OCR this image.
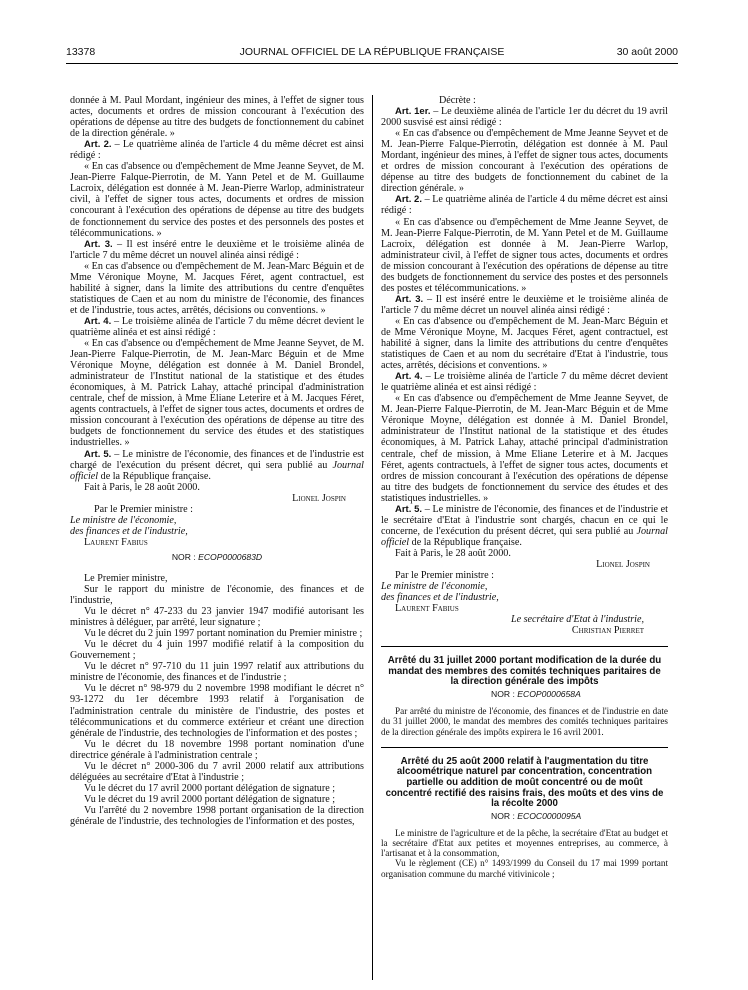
13378	JOURNAL OFFICIEL DE LA RÉPUBLIQUE FRANÇAISE	30 août 2000

donnée à M. Paul Mordant, ingénieur des mines, à l'effet de signer tous actes, documents et ordres de mission concourant à l'exécution des opérations de dépense au titre des budgets de fonctionnement du cabinet de la direction générale. »

Art. 2. – Le quatrième alinéa de l'article 4 du même décret est ainsi rédigé :

« En cas d'absence ou d'empêchement de Mme Jeanne Seyvet, de M. Jean-Pierre Falque-Pierrotin, de M. Yann Petel et de M. Guillaume Lacroix, délégation est donnée à M. Jean-Pierre Warlop, administrateur civil, à l'effet de signer tous actes, documents et ordres de mission concourant à l'exécution des opérations de dépense au titre des budgets de fonctionnement du service des postes et des personnels des postes et télécommunications. »

Art. 3. – Il est inséré entre le deuxième et le troisième alinéa de l'article 7 du même décret un nouvel alinéa ainsi rédigé :

« En cas d'absence ou d'empêchement de M. Jean-Marc Béguin et de Mme Véronique Moyne, M. Jacques Féret, agent contractuel, est habilité à signer, dans la limite des attributions du centre d'enquêtes statistiques de Caen et au nom du ministre de l'économie, des finances et de l'industrie, tous actes, arrêtés, décisions ou conventions. »

Art. 4. – Le troisième alinéa de l'article 7 du même décret devient le quatrième alinéa et est ainsi rédigé :

« En cas d'absence ou d'empêchement de Mme Jeanne Seyvet, de M. Jean-Pierre Falque-Pierrotin, de M. Jean-Marc Béguin et de Mme Véronique Moyne, délégation est donnée à M. Daniel Brondel, administrateur de l'Institut national de la statistique et des études économiques, à M. Patrick Lahay, attaché principal d'administration centrale, chef de mission, à Mme Eliane Leterire et à M. Jacques Féret, agents contractuels, à l'effet de signer tous actes, documents et ordres de mission concourant à l'exécution des opérations de dépense au titre des budgets de fonctionnement du service des études et des statistiques industrielles. »

Art. 5. – Le ministre de l'économie, des finances et de l'industrie est chargé de l'exécution du présent décret, qui sera publié au Journal officiel de la République française.

Fait à Paris, le 28 août 2000.

Lionel Jospin

Par le Premier ministre :

Le ministre de l'économie,

des finances et de l'industrie,

Laurent Fabius

NOR : ECOP0000683D

Le Premier ministre,

Sur le rapport du ministre de l'économie, des finances et de l'industrie,

Vu le décret n° 47-233 du 23 janvier 1947 modifié autorisant les ministres à déléguer, par arrêté, leur signature ;

Vu le décret du 2 juin 1997 portant nomination du Premier ministre ;

Vu le décret du 4 juin 1997 modifié relatif à la composition du Gouvernement ;

Vu le décret n° 97-710 du 11 juin 1997 relatif aux attributions du ministre de l'économie, des finances et de l'industrie ;

Vu le décret n° 98-979 du 2 novembre 1998 modifiant le décret n° 93-1272 du 1er décembre 1993 relatif à l'organisation de l'administration centrale du ministère de l'industrie, des postes et télécommunications et du commerce extérieur et créant une direction générale de l'industrie, des technologies de l'information et des postes ;

Vu le décret du 18 novembre 1998 portant nomination d'une directrice générale à l'administration centrale ;

Vu le décret n° 2000-306 du 7 avril 2000 relatif aux attributions déléguées au secrétaire d'Etat à l'industrie ;

Vu le décret du 17 avril 2000 portant délégation de signature ;

Vu le décret du 19 avril 2000 portant délégation de signature ;

Vu l'arrêté du 2 novembre 1998 portant organisation de la direction générale de l'industrie, des technologies de l'information et des postes,

Décrète :

Art. 1er. – Le deuxième alinéa de l'article 1er du décret du 19 avril 2000 susvisé est ainsi rédigé :

« En cas d'absence ou d'empêchement de Mme Jeanne Seyvet et de M. Jean-Pierre Falque-Pierrotin, délégation est donnée à M. Paul Mordant, ingénieur des mines, à l'effet de signer tous actes, documents et ordres de mission concourant à l'exécution des opérations de dépense au titre des budgets de fonctionnement du cabinet de la direction générale. »

Art. 2. – Le quatrième alinéa de l'article 4 du même décret est ainsi rédigé :

« En cas d'absence ou d'empêchement de Mme Jeanne Seyvet, de M. Jean-Pierre Falque-Pierrotin, de M. Yann Petel et de M. Guillaume Lacroix, délégation est donnée à M. Jean-Pierre Warlop, administrateur civil, à l'effet de signer tous actes, documents et ordres de mission concourant à l'exécution des opérations de dépense au titre des budgets de fonctionnement du service des postes et des personnels des postes et télécommunications. »

Art. 3. – Il est inséré entre le deuxième et le troisième alinéa de l'article 7 du même décret un nouvel alinéa ainsi rédigé :

« En cas d'absence ou d'empêchement de M. Jean-Marc Béguin et de Mme Véronique Moyne, M. Jacques Féret, agent contractuel, est habilité à signer, dans la limite des attributions du centre d'enquêtes statistiques de Caen et au nom du secrétaire d'Etat à l'industrie, tous actes, arrêtés, décisions et conventions. »

Art. 4. – Le troisième alinéa de l'article 7 du même décret devient le quatrième alinéa et est ainsi rédigé :

« En cas d'absence ou d'empêchement de Mme Jeanne Seyvet, de M. Jean-Pierre Falque-Pierrotin, de M. Jean-Marc Béguin et de Mme Véronique Moyne, délégation est donnée à M. Daniel Brondel, administrateur de l'Institut national de la statistique et des études économiques, à M. Patrick Lahay, attaché principal d'administration centrale, chef de mission, à Mme Eliane Leterire et à M. Jacques Féret, agents contractuels, à l'effet de signer tous actes, documents et ordres de mission concourant à l'exécution des opérations de dépense au titre des budgets de fonctionnement du service des études et des statistiques industrielles. »

Art. 5. – Le ministre de l'économie, des finances et de l'industrie et le secrétaire d'Etat à l'industrie sont chargés, chacun en ce qui le concerne, de l'exécution du présent décret, qui sera publié au Journal officiel de la République française.

Fait à Paris, le 28 août 2000.

Lionel Jospin

Par le Premier ministre :

Le ministre de l'économie,

des finances et de l'industrie,

Laurent Fabius

Le secrétaire d'Etat à l'industrie,

Christian Pierret

Arrêté du 31 juillet 2000 portant modification de la durée du mandat des membres des comités techniques paritaires de la direction générale des impôts

NOR : ECOP0000658A

Par arrêté du ministre de l'économie, des finances et de l'industrie en date du 31 juillet 2000, le mandat des membres des comités techniques paritaires de la direction générale des impôts expirera le 16 avril 2001.

Arrêté du 25 août 2000 relatif à l'augmentation du titre alcoométrique naturel par concentration, concentration partielle ou addition de moût concentré ou de moût concentré rectifié des raisins frais, des moûts et des vins de la récolte 2000

NOR : ECOC0000095A

Le ministre de l'agriculture et de la pêche, la secrétaire d'Etat au budget et la secrétaire d'Etat aux petites et moyennes entreprises, au commerce, à l'artisanat et à la consommation,

Vu le règlement (CE) n° 1493/1999 du Conseil du 17 mai 1999 portant organisation commune du marché vitivinicole ;
